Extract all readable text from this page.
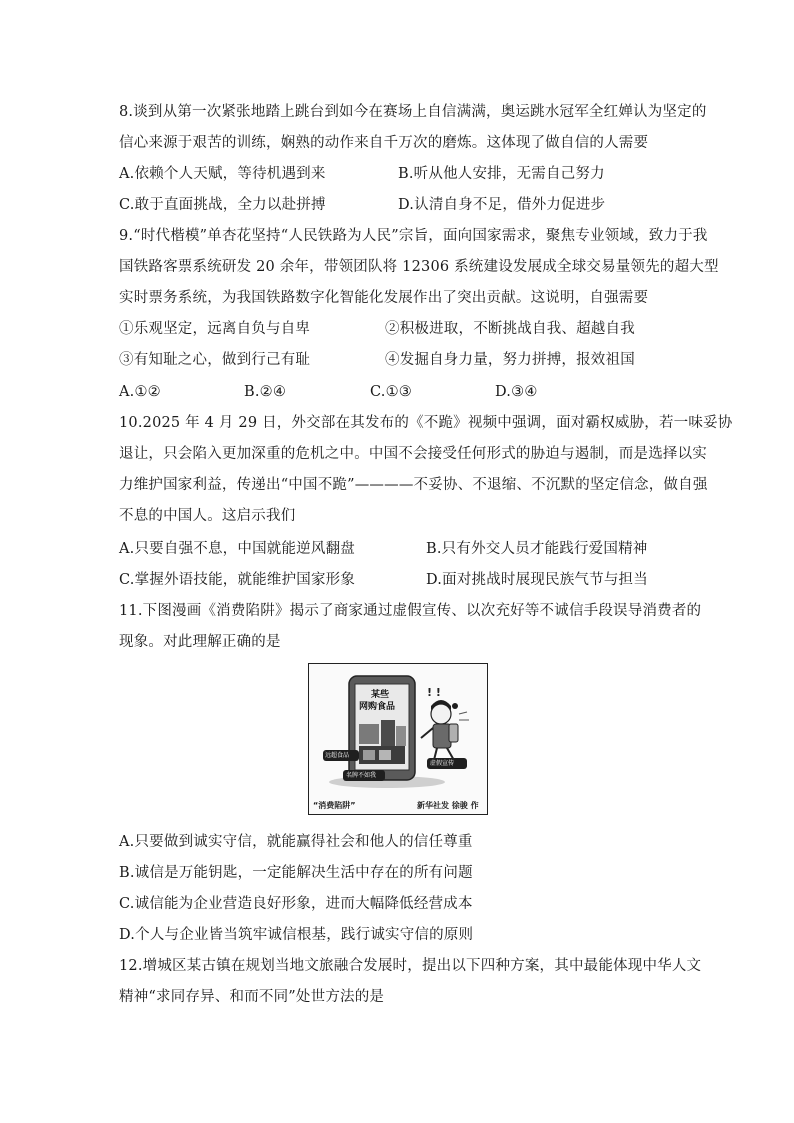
8.谈到从第一次紧张地踏上跳台到如今在赛场上自信满满，奥运跳水冠军全红婵认为坚定的
信心来源于艰苦的训练，娴熟的动作来自千万次的磨炼。这体现了做自信的人需要
A.依赖个人天赋，等待机遇到来	B.听从他人安排，无需自己努力
C.敢于直面挑战，全力以赴拼搏	D.认清自身不足，借外力促进步
9.“时代楷模”单杏花坚持“人民铁路为人民”宗旨，面向国家需求，聚焦专业领域，致力于我
国铁路客票系统研发 20 余年，带领团队将 12306 系统建设发展成全球交易量领先的超大型
实时票务系统，为我国铁路数字化智能化发展作出了突出贡献。这说明，自强需要
①乐观坚定，远离自负与自卑	②积极进取，不断挑战自我、超越自我
③有知耻之心，做到行己有耻	④发掘自身力量，努力拼搏，报效祖国
A.①②	B.②④	C.①③	D.③④
10.2025 年 4 月 29 日，外交部在其发布的《不跪》视频中强调，面对霸权威胁，若一味妥协
退让，只会陷入更加深重的危机之中。中国不会接受任何形式的胁迫与遏制，而是选择以实
力维护国家利益，传递出“中国不跪”————不妥协、不退缩、不沉默的坚定信念，做自强
不息的中国人。这启示我们
A.只要自强不息，中国就能逆风翻盘	B.只有外交人员才能践行爱国精神
C.掌握外语技能，就能维护国家形象	D.面对挑战时展现民族气节与担当
11.下图漫画《消费陷阱》揭示了商家通过虚假宣传、以次充好等不诚信手段误导消费者的
现象。对此理解正确的是
! !
某些
网购食品
远超食品
虚假宣传
名牌不如我
“消费陷阱”	新华社发 徐骏 作
A.只要做到诚实守信，就能赢得社会和他人的信任尊重
B.诚信是万能钥匙，一定能解决生活中存在的所有问题
C.诚信能为企业营造良好形象，进而大幅降低经营成本
D.个人与企业皆当筑牢诚信根基，践行诚实守信的原则
12.增城区某古镇在规划当地文旅融合发展时，提出以下四种方案，其中最能体现中华人文
精神“求同存异、和而不同”处世方法的是
